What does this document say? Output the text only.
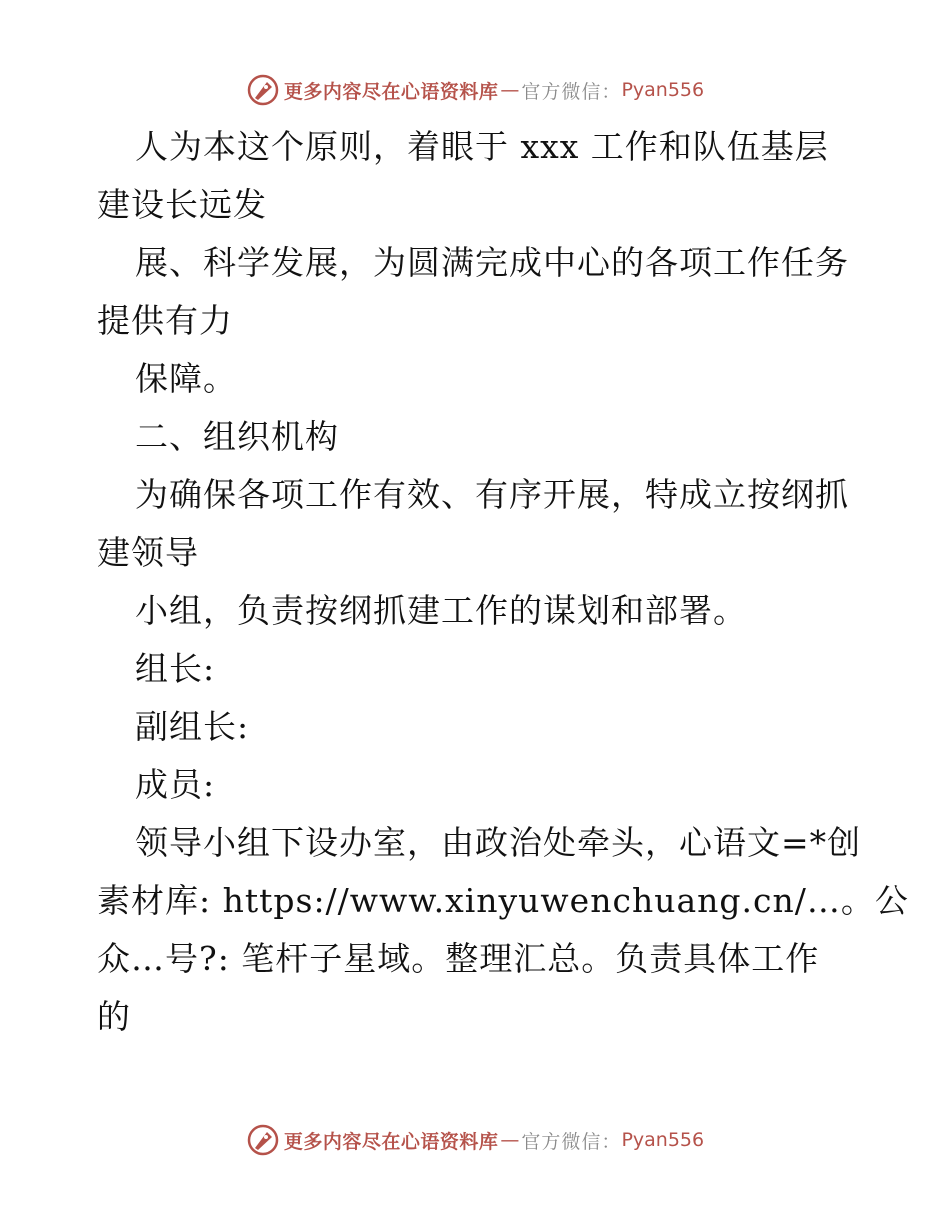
更多内容尽在心语资料库 — 官方微信： Pyan556
人为本这个原则，着眼于 xxx 工作和队伍基层
建设长远发
展、科学发展，为圆满完成中心的各项工作任务
提供有力
保障。
二、组织机构
为确保各项工作有效、有序开展，特成立按纲抓
建领导
小组，负责按纲抓建工作的谋划和部署。
组长:
副组长:
成员:
领导小组下设办室，由政治处牵头，心语文=*创
素材库: https://www.xinyuwenchuang.cn/…。公
众…号?: 笔杆子星域。整理汇总。负责具体工作
的
更多内容尽在心语资料库 — 官方微信： Pyan556
